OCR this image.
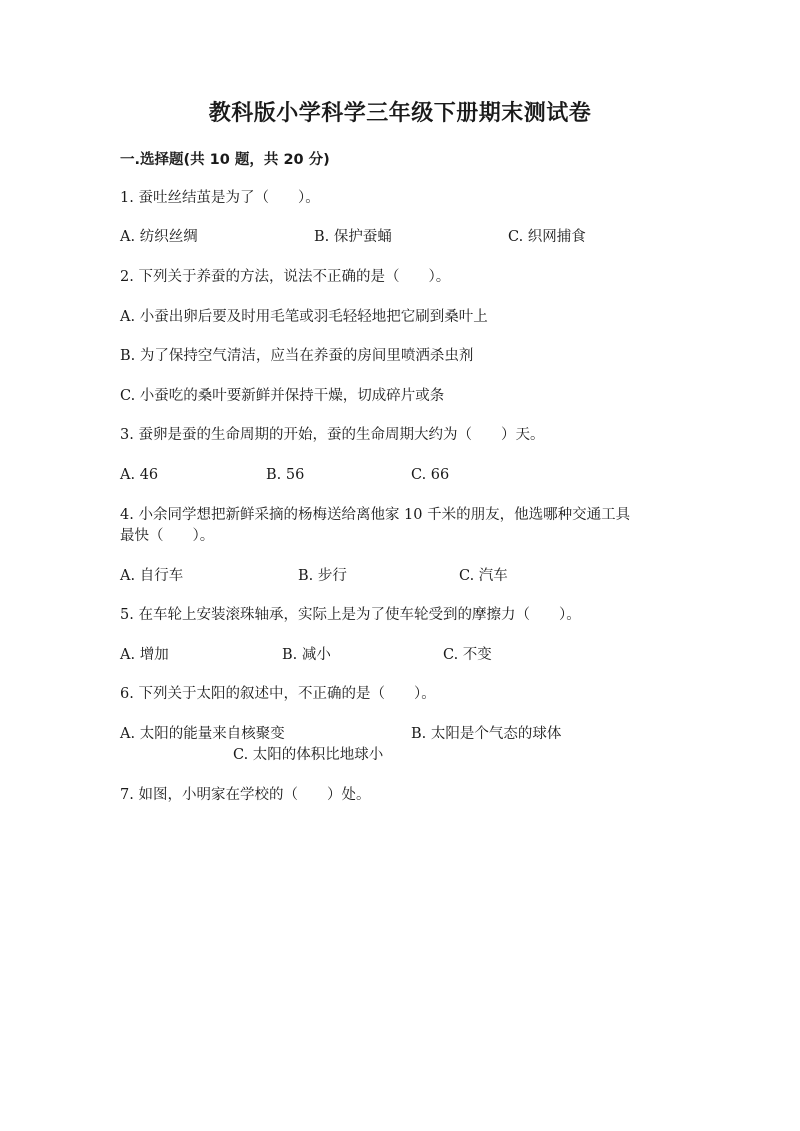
教科版小学科学三年级下册期末测试卷
一.选择题(共 10 题，共 20 分)
1. 蚕吐丝结茧是为了（　　）。
A. 纺织丝绸	B. 保护蚕蛹	C. 织网捕食
2. 下列关于养蚕的方法，说法不正确的是（　　）。
A. 小蚕出卵后要及时用毛笔或羽毛轻轻地把它刷到桑叶上
B. 为了保持空气清洁，应当在养蚕的房间里喷洒杀虫剂
C. 小蚕吃的桑叶要新鲜并保持干燥，切成碎片或条
3. 蚕卵是蚕的生命周期的开始，蚕的生命周期大约为（　　）天。
A. 46	B. 56	C. 66
4. 小余同学想把新鲜采摘的杨梅送给离他家 10 千米的朋友，他选哪种交通工具
最快（　　）。
A. 自行车	B. 步行	C. 汽车
5. 在车轮上安装滚珠轴承，实际上是为了使车轮受到的摩擦力（　　）。
A. 增加	B. 减小	C. 不变
6. 下列关于太阳的叙述中，不正确的是（　　）。
A. 太阳的能量来自核聚变	B. 太阳是个气态的球体
C. 太阳的体积比地球小
7. 如图，小明家在学校的（　　）处。
